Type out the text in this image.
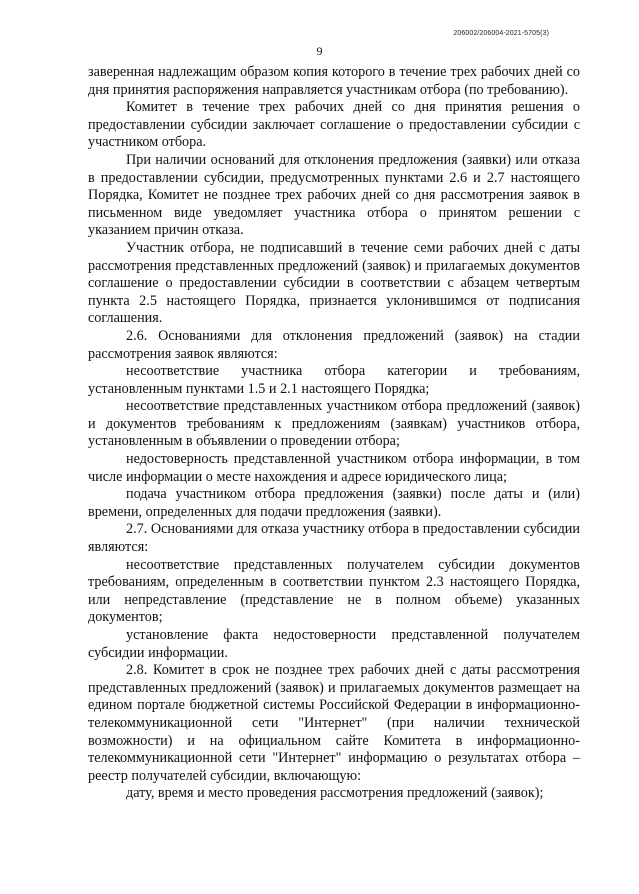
206002/206004-2021-5705(3)
9

заверенная надлежащим образом копия которого в течение трех рабочих дней со дня принятия распоряжения направляется участникам отбора (по требованию).

Комитет в течение трех рабочих дней со дня принятия решения о предоставлении субсидии заключает соглашение о предоставлении субсидии с участником отбора.

При наличии оснований для отклонения предложения (заявки) или отказа в предоставлении субсидии, предусмотренных пунктами 2.6 и 2.7 настоящего Порядка, Комитет не позднее трех рабочих дней со дня рассмотрения заявок в письменном виде уведомляет участника отбора о принятом решении с указанием причин отказа.

Участник отбора, не подписавший в течение семи рабочих дней с даты рассмотрения представленных предложений (заявок) и прилагаемых документов соглашение о предоставлении субсидии в соответствии с абзацем четвертым пункта 2.5 настоящего Порядка, признается уклонившимся от подписания соглашения.

2.6. Основаниями для отклонения предложений (заявок) на стадии рассмотрения заявок являются:

несоответствие участника отбора категории и требованиям, установленным пунктами 1.5 и 2.1 настоящего Порядка;

несоответствие представленных участником отбора предложений (заявок) и документов требованиям к предложениям (заявкам) участников отбора, установленным в объявлении о проведении отбора;

недостоверность представленной участником отбора информации, в том числе информации о месте нахождения и адресе юридического лица;

подача участником отбора предложения (заявки) после даты и (или) времени, определенных для подачи предложения (заявки).

2.7. Основаниями для отказа участнику отбора в предоставлении субсидии являются:

несоответствие представленных получателем субсидии документов требованиям, определенным в соответствии пунктом 2.3 настоящего Порядка, или непредставление (представление не в полном объеме) указанных документов;

установление факта недостоверности представленной получателем субсидии информации.

2.8. Комитет в срок не позднее трех рабочих дней с даты рассмотрения представленных предложений (заявок) и прилагаемых документов размещает на едином портале бюджетной системы Российской Федерации в информационно-телекоммуникационной сети "Интернет" (при наличии технической возможности) и на официальном сайте Комитета в информационно-телекоммуникационной сети "Интернет" информацию о результатах отбора – реестр получателей субсидии, включающую:

дату, время и место проведения рассмотрения предложений (заявок);
